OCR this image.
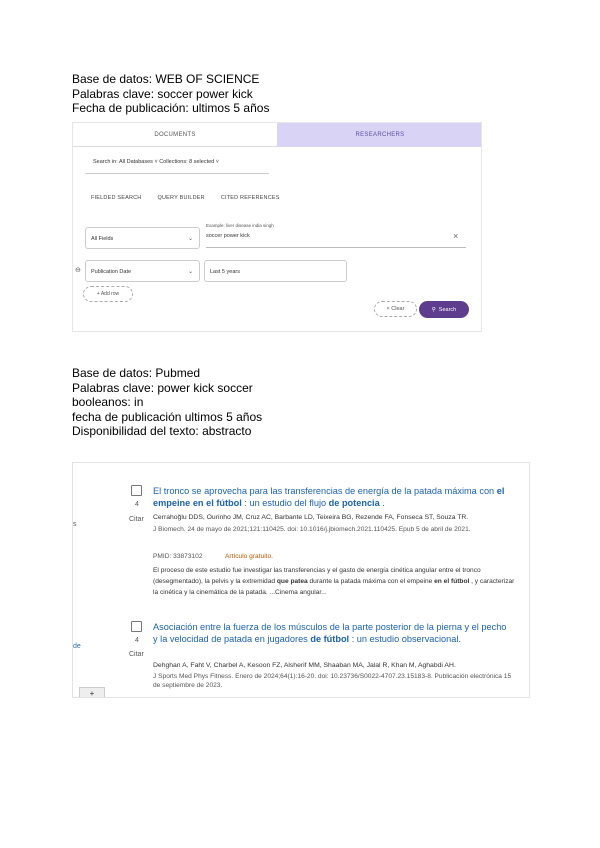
Base de datos: WEB OF SCIENCE
Palabras clave: soccer power kick
Fecha de publicación: ultimos 5 años
DOCUMENTS	RESEARCHERS
Search in: All Databases ˅ Collections: 8 selected ˅
FIELDED SEARCH	QUERY BUILDER	CITED REFERENCES
All Fields	⌄
Example: liver disease india singh
soccer power kick	×
⊖	Publication Date	⌄	Last 5 years
+ Add row
× Clear	⚲ Search
Base de datos: Pubmed
Palabras clave: power kick soccer
booleanos: in
fecha de publicación ultimos 5 años
Disponibilidad del texto: abstracto
s
de
4
Citar
El tronco se aprovecha para las transferencias de energía de la patada máxima con el empeine en el fútbol : un estudio del flujo de potencia .
Cerrahoğlu DDS, Ourinho JM, Cruz AC, Barbante LD, Teixeira BG, Rezende FA, Fonseca ST, Souza TR.
J Biomech. 24 de mayo de 2021;121:110425. doi: 10.1016/j.jbiomech.2021.110425. Epub 5 de abril de 2021.
PMID: 33873102	Artículo gratuito.
El proceso de este estudio fue investigar las transferencias y el gasto de energía cinética angular entre el tronco (desegmentado), la pelvis y la extremidad que patea durante la patada máxima con el empeine en el fútbol , y caracterizar la cinética y la cinemática de la patada. ...Cinema angular...
4
Citar
Asociación entre la fuerza de los músculos de la parte posterior de la pierna y el pecho y la velocidad de patada en jugadores de fútbol : un estudio observacional.
Dehghan A, Faht V, Charbel A, Kesoon FZ, Alsherif MM, Shaaban MA, Jalal R, Khan M, Aghabdi AH.
J Sports Med Phys Fitness. Enero de 2024;64(1):16-20. doi: 10.23736/S0022-4707.23.15183-8. Publicación electrónica 15 de septiembre de 2023.
+
